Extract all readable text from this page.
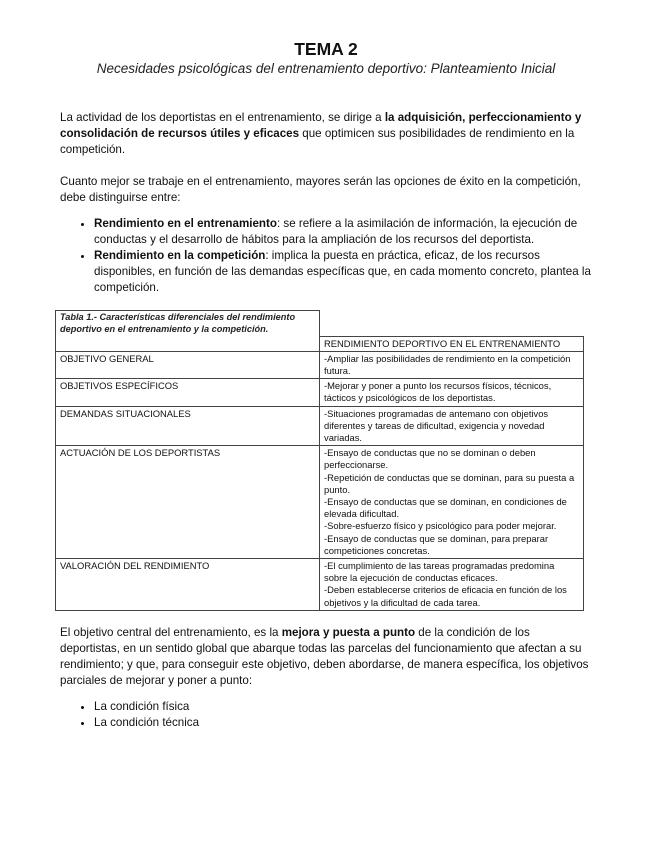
TEMA 2
Necesidades psicológicas del entrenamiento deportivo: Planteamiento Inicial

La actividad de los deportistas en el entrenamiento, se dirige a la adquisición, perfeccionamiento y consolidación de recursos útiles y eficaces que optimicen sus posibilidades de rendimiento en la competición.

Cuanto mejor se trabaje en el entrenamiento, mayores serán las opciones de éxito en la competición, debe distinguirse entre:

• Rendimiento en el entrenamiento: se refiere a la asimilación de información, la ejecución de conductas y el desarrollo de hábitos para la ampliación de los recursos del deportista.
• Rendimiento en la competición: implica la puesta en práctica, eficaz, de los recursos disponibles, en función de las demandas específicas que, en cada momento concreto, plantea la competición.
Tabla 1.- Características diferenciales del rendimiento deportivo en el entrenamiento y la competición.	
	RENDIMIENTO DEPORTIVO EN EL ENTRENAMIENTO
OBJETIVO GENERAL	-Ampliar las posibilidades de rendimiento en la competición futura.

OBJETIVOS ESPECÍFICOS	-Mejorar y poner a punto los recursos físicos, técnicos, tácticos y psicológicos de los deportistas.

DEMANDAS SITUACIONALES	-Situaciones programadas de antemano con objetivos diferentes y tareas de dificultad, exigencia y novedad variadas.

ACTUACIÓN DE LOS DEPORTISTAS	-Ensayo de conductas que no se dominan o deben perfeccionarse.
-Repetición de conductas que se dominan, para su puesta a punto.
-Ensayo de conductas que se dominan, en condiciones de elevada dificultad.
-Sobre-esfuerzo físico y psicológico para poder mejorar.
-Ensayo de conductas que se dominan, para preparar competiciones concretas.

VALORACIÓN DEL RENDIMIENTO	-El cumplimiento de las tareas programadas predomina sobre la ejecución de conductas eficaces.
-Deben establecerse criterios de eficacia en función de los objetivos y la dificultad de cada tarea.

El objetivo central del entrenamiento, es la mejora y puesta a punto de la condición de los deportistas, en un sentido global que abarque todas las parcelas del funcionamiento que afectan a su rendimiento; y que, para conseguir este objetivo, deben abordarse, de manera específica, los objetivos parciales de mejorar y poner a punto:

• La condición física
• La condición técnica
